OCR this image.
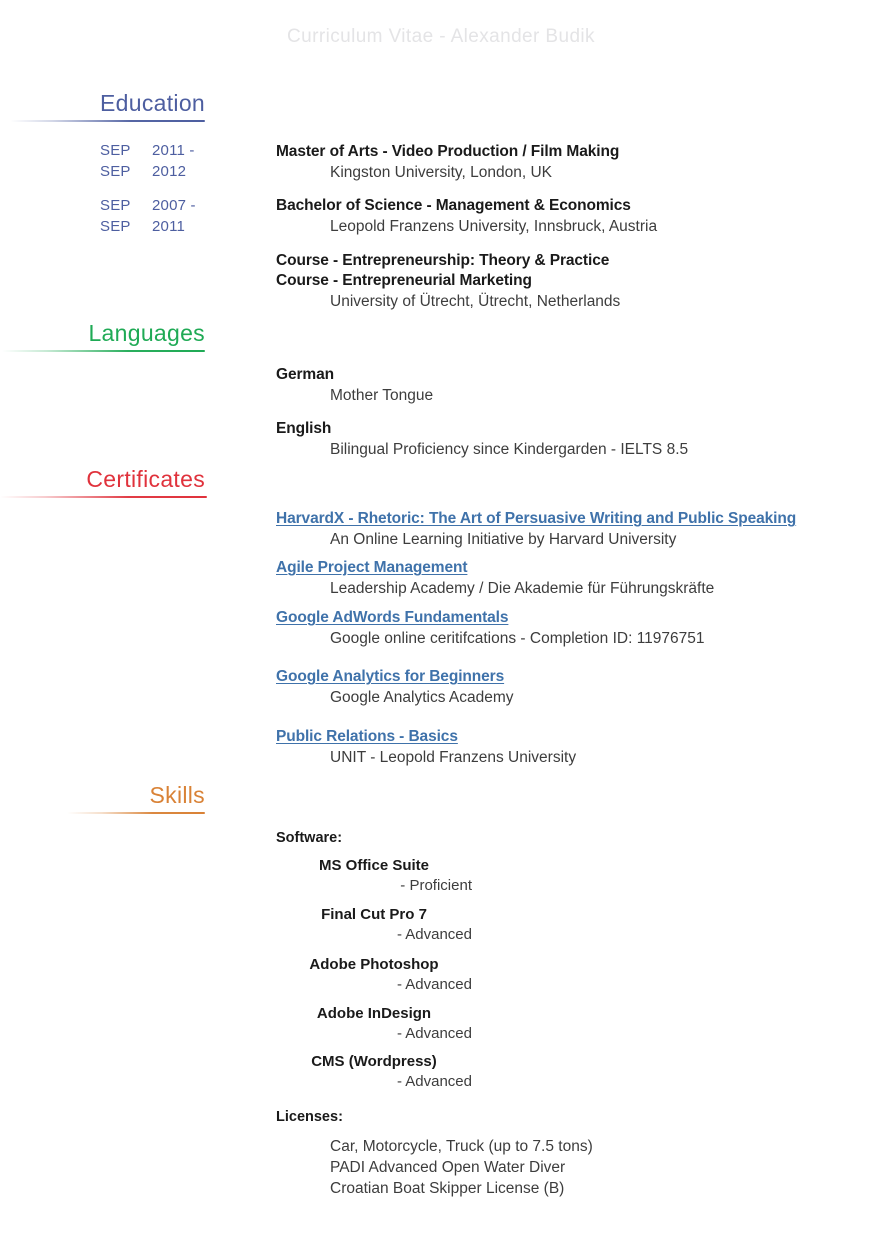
Curriculum Vitae - Alexander Budik
Education
SEP 2011 -
SEP 2012
SEP 2007 -
SEP 2011
Master of Arts - Video Production / Film Making
Kingston University, London, UK
Bachelor of Science - Management & Economics
Leopold Franzens University, Innsbruck, Austria
Course - Entrepreneurship: Theory & Practice
Course - Entrepreneurial Marketing
University of Ütrecht, Ütrecht, Netherlands
Languages
German
Mother Tongue
English
Bilingual Proficiency since Kindergarden - IELTS 8.5
Certificates
HarvardX - Rhetoric: The Art of Persuasive Writing and Public Speaking
An Online Learning Initiative by Harvard University
Agile Project Management
Leadership Academy / Die Akademie für Führungskräfte
Google AdWords Fundamentals
Google online ceritifcations - Completion ID: 11976751
Google Analytics for Beginners
Google Analytics Academy
Public Relations - Basics
UNIT - Leopold Franzens University
Skills
Software:
MS Office Suite
- Proficient
Final Cut Pro 7
- Advanced
Adobe Photoshop
- Advanced
Adobe InDesign
- Advanced
CMS (Wordpress)
- Advanced
Licenses:
Car, Motorcycle, Truck (up to 7.5 tons)
PADI Advanced Open Water Diver
Croatian Boat Skipper License (B)
